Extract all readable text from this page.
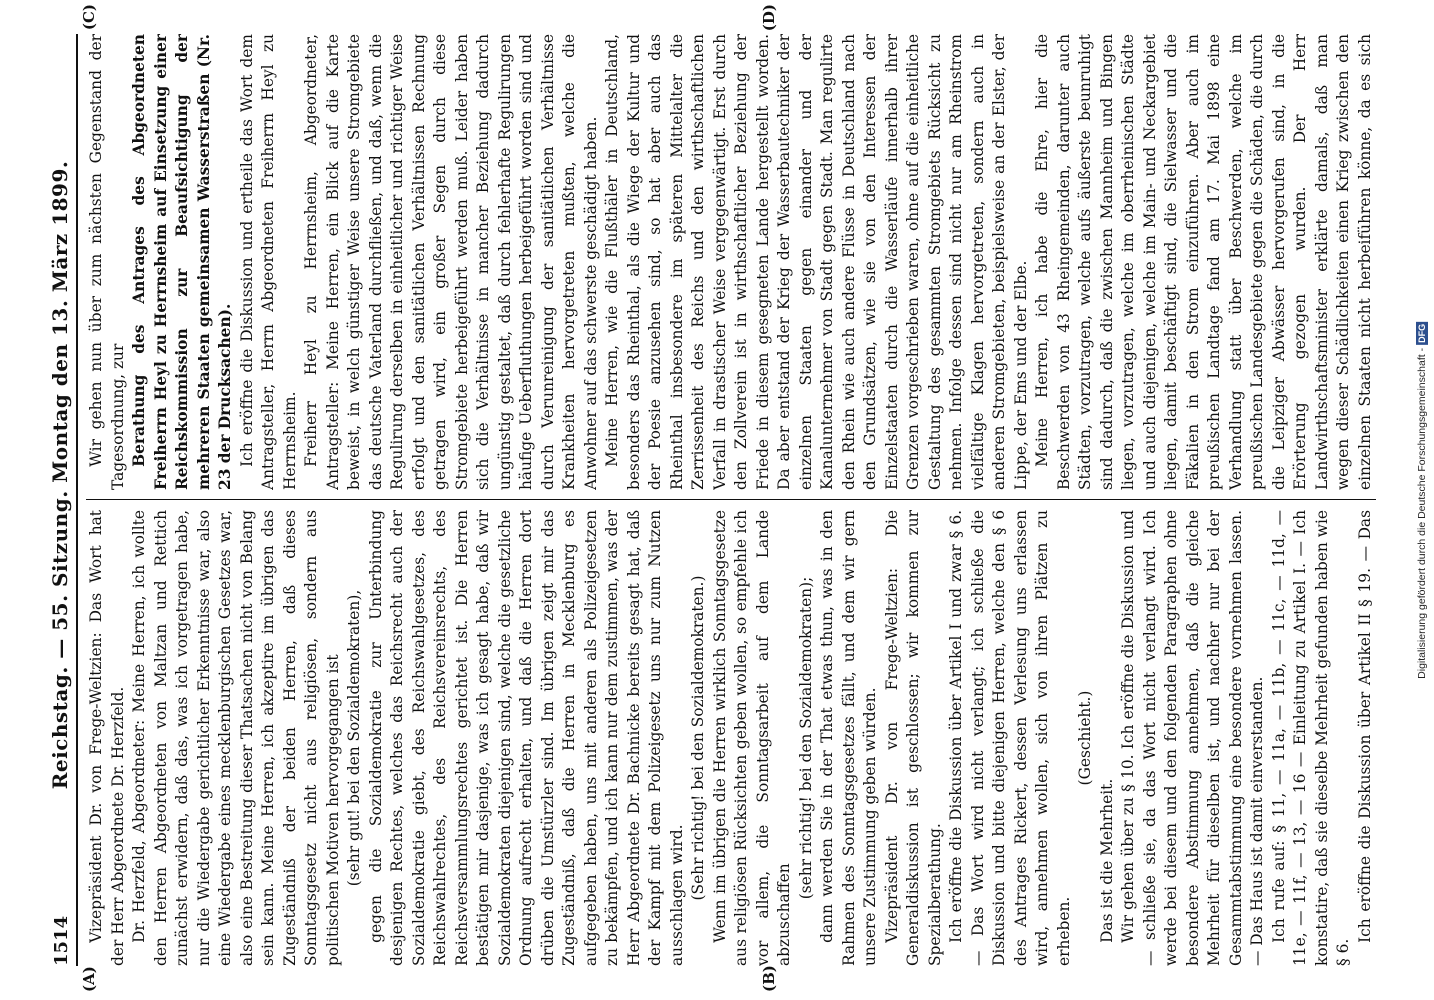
1514
Reichstag. — 55. Sitzung. Montag den 13. März 1899. Vizepräsident Dr. von Frege-Weltzien: Das Wort hat der Herr Abgeordnete Dr. Herzfeld. Dr. Herzfeld, Abgeordneter: Meine Herren, ich wollte den Herren Abgeordneten von Maltzan und Rettich zunächst erwidern, daß das, was ich vorgetragen habe, nur die Wiedergabe gerichtlicher Erkenntnisse war, also eine Wiedergabe eines mecklenburgischen Gesetzes war, also eine Bestreitung dieser Thatsachen nicht von Belang sein kann. Meine Herren, ich akzeptire im übrigen das Zugeständniß der beiden Herren, daß dieses Sonntagsgesetz nicht aus religiösen, sondern aus politischen Motiven hervorgegangen ist (sehr gut! bei den Sozialdemokraten), gegen die Sozialdemokratie zur Unterbindung desjenigen Rechtes, welches das Reichsrecht auch der Sozialdemokratie giebt, des Reichswahlgesetzes, des Reichswahlrechtes, des Reichsvereinsrechts, des Reichsversammlungsrechtes gerichtet ist. Die Herren bestätigen mir dasjenige, was ich gesagt habe, daß wir Sozialdemokraten diejenigen sind, welche die gesetzliche Ordnung aufrecht erhalten, und daß die Herren dort drüben die Umstürzler sind. Im übrigen zeigt mir das Zugeständniß, daß die Herren in Mecklenburg es aufgegeben haben, uns mit anderen als Polizeigesetzen zu bekämpfen, und ich kann nur dem zustimmen, was der Herr Abgeordnete Dr. Bachnicke bereits gesagt hat, daß der Kampf mit dem Polizeigesetz uns nur zum Nutzen ausschlagen wird. (Sehr richtig! bei den Sozialdemokraten.) Wenn im übrigen die Herren wirklich Sonntagsgesetze aus religiösen Rücksichten geben wollen, so empfehle ich vor allem, die Sonntagsarbeit auf dem Lande abzuschaffen

(sehr richtig! bei den Sozialdemokraten); dann werden Sie in der That etwas thun, was in den Rahmen des Sonntagsgesetzes fällt, und dem wir gern unsere Zustimmung geben würden. Vizepräsident Dr. von Frege-Weltzien: Die Generaldiskussion ist geschlossen; wir kommen zur Spezialberathung. Ich eröffne die Diskussion über Artikel I und zwar § 6. — Das Wort wird nicht verlangt; ich schließe die Diskussion und bitte diejenigen Herren, welche den § 6 des Antrages Rickert, dessen Verlesung uns erlassen wird, annehmen wollen, sich von ihren Plätzen zu erheben.

(Geschieht.)

Das ist die Mehrheit. Wir gehen über zu § 10. Ich eröffne die Diskussion und — schließe sie, da das Wort nicht verlangt wird. Ich werde bei diesem und den folgenden Paragraphen ohne besondere Abstimmung annehmen, daß die gleiche Mehrheit für dieselben ist, und nachher nur bei der Gesammtabstimmung eine besondere vornehmen lassen. — Das Haus ist damit einverstanden. Ich rufe auf: § 11, — 11a, — 11b, — 11c, — 11d, — 11e, — 11f, — 13, — 16 — Einleitung zu Artikel I. — Ich konstatire, daß sie dieselbe Mehrheit gefunden haben wie § 6.

Ich eröffne die Diskussion über Artikel II § 19. — Das

Wir gehen nun über zum nächsten Gegenstand der Tagesordnung, zur Berathung des Antrages des Abgeordneten Freiherrn Heyl zu Herrnsheim auf Einsetzung einer Reichskommission zur Beaufsichtigung der mehreren Staaten gemeinsamen Wasserstraßen (Nr. 23 der Drucksachen). Ich eröffne die Diskussion und ertheile das Wort dem Antragsteller, Herrn Abgeordneten Freiherrn Heyl zu Herrnsheim. Freiherr Heyl zu Herrnsheim, Abgeordneter, Antragsteller: Meine Herren, ein Blick auf die Karte beweist, in welch günstiger Weise unsere Stromgebiete das deutsche Vaterland durchfließen, und daß, wenn die Regulirung derselben in einheitlicher und richtiger Weise erfolgt und den sanitätlichen Verhältnissen Rechnung getragen wird, ein großer Segen durch diese Stromgebiete herbeigeführt werden muß. Leider haben sich die Verhältnisse in mancher Beziehung dadurch ungünstig gestaltet, daß durch fehlerhafte Regulirungen häufige Ueberfluthungen herbeigeführt worden sind und durch Verunreinigung der sanitätlichen Verhältnisse Krankheiten hervorgetreten mußten, welche die Anwohner auf das schwerste geschädigt haben. Meine Herren, wie die Flußthäler in Deutschland, besonders das Rheinthal, als die Wiege der Kultur und der Poesie anzusehen sind, so hat aber auch das Rheinthal insbesondere im späteren Mittelalter die Zerrissenheit des Reichs und den wirthschaftlichen Verfall in drastischer Weise vergegenwärtigt. Erst durch den Zollverein ist in wirthschaftlicher Beziehung der Friede in diesem gesegneten Lande hergestellt worden. Da aber entstand der Krieg der Wasserbautechniker der einzelnen Staaten gegen einander und der Kanalunternehmer von Stadt gegen Stadt. Man regulirte den Rhein wie auch andere Flüsse in Deutschland nach den Grundsätzen, wie sie von den Interessen der Einzelstaaten durch die Wasserläufe innerhalb ihrer Grenzen vorgeschrieben waren, ohne auf die einheitliche Gestaltung des gesammten Stromgebiets Rücksicht zu nehmen. Infolge dessen sind nicht nur am Rheinstrom vielfältige Klagen hervorgetreten, sondern auch in anderen Stromgebieten, beispielsweise an der Elster, der Lippe, der Ems und der Elbe. Meine Herren, ich habe die Ehre, hier die Beschwerden von 43 Rheingemeinden, darunter auch Städten, vorzutragen, welche aufs äußerste beunruhigt sind dadurch, daß die zwischen Mannheim und Bingen liegen, vorzutragen, welche im oberrheinischen Städte und auch diejenigen, welche im Main- und Neckargebiet liegen, damit beschäftigt sind, die Sielwasser und die Fäkalien in den Strom einzuführen. Aber auch im preußischen Landtage fand am 17. Mai 1898 eine Verhandlung statt über Beschwerden, welche im preußischen Landesgebiete gegen die Schäden, die durch die Leipziger Abwässer hervorgerufen sind, in die Erörterung gezogen wurden. Der Herr Landwirthschaftsminister erklärte damals, daß man wegen dieser Schädlichkeiten einen Krieg zwischen den einzelnen Staaten nicht herbeiführen könne, da es sich

(A)	(B)
(C)	(D)
Digitalisierung gefördert durch die Deutsche Forschungsgemeinschaft - DFG
